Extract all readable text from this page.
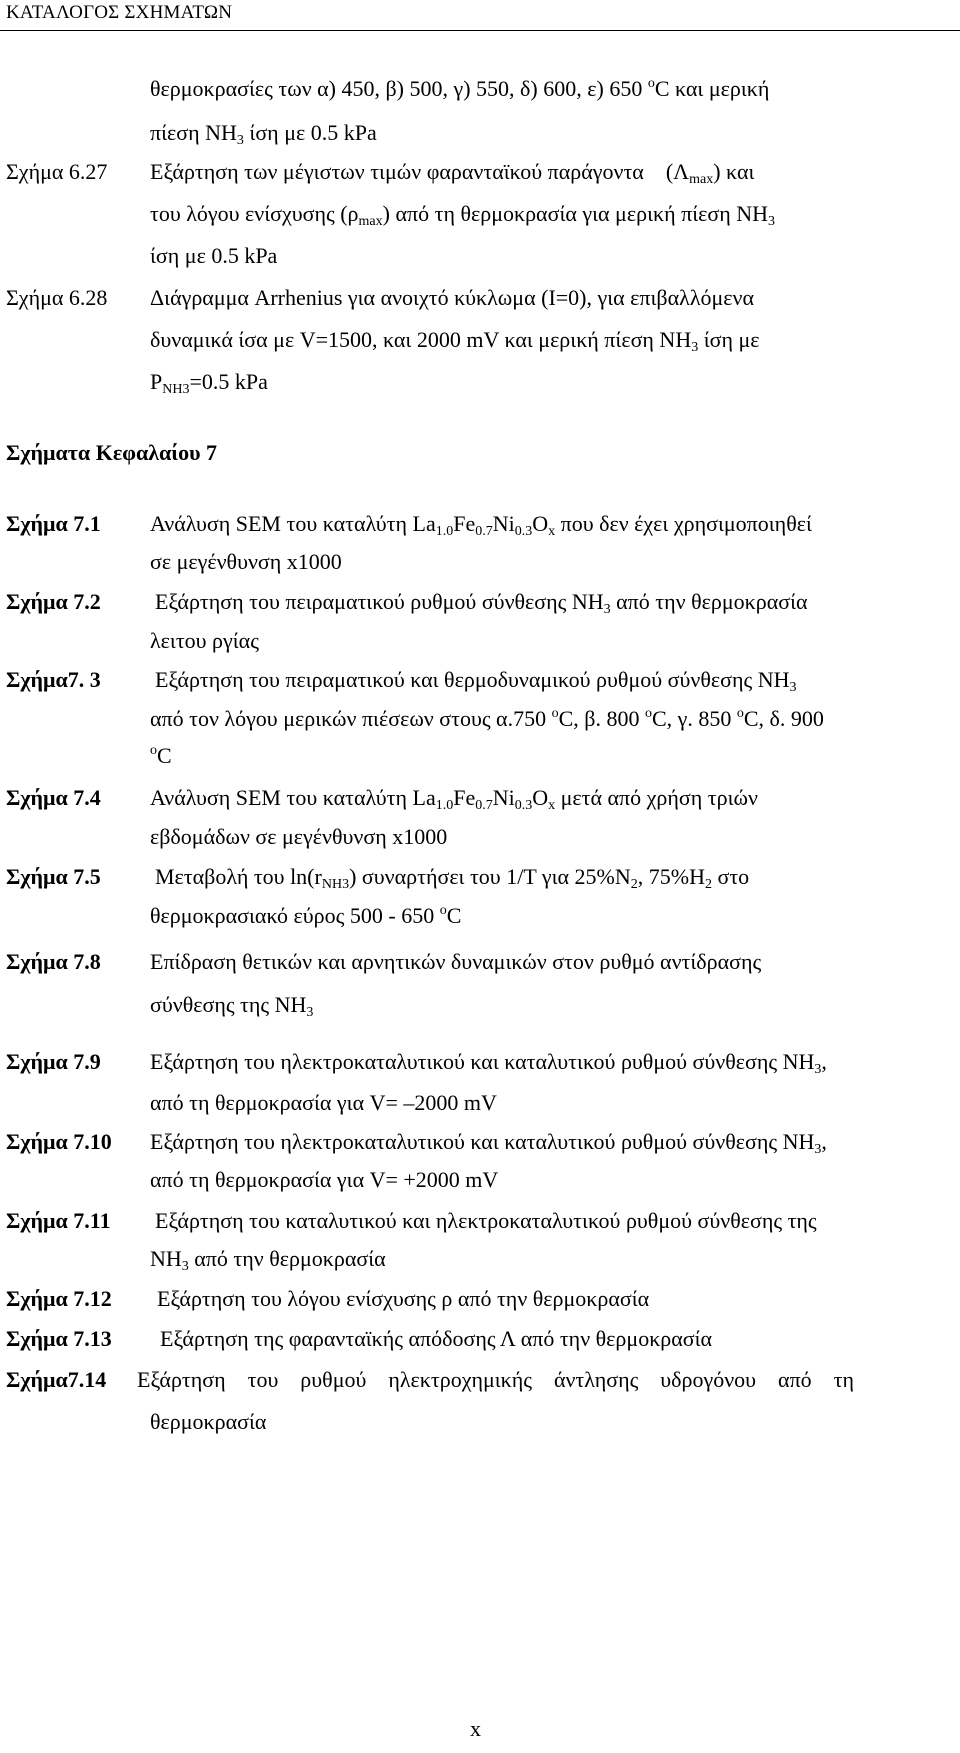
ΚΑΤΑΛΟΓΟΣ ΣΧΗΜΑΤΩΝ
θερμοκρασίες των α) 450, β) 500, γ) 550, δ) 600, ε) 650 $^o$C και μερική
πίεση $NH_3$ ίση με 0.5 kPa
Σχήμα 6.27 Εξάρτηση των μέγιστων τιμών φαρανταϊκού παράγοντα $(\Lambda_{max})$ και
του λόγου ενίσχυσης $(\rho_{max})$ από τη θερμοκρασία για μερική πίεση $NH_3$
ίση με 0.5 kPa
Σχήμα 6.28 Διάγραμμα Arrhenius για ανοιχτό κύκλωμα (I=0), για επιβαλλόμενα
δυναμικά ίσα με V=1500, και 2000 mV και μερική πίεση $NH_3$ ίση με
$P_{NH3}=0.5$ kPa
Σχήματα Κεφαλαίου 7
Σχήμα 7.1 Ανάλυση SEM του καταλύτη $La_{1.0}Fe_{0.7}Ni_{0.3}O_x$ που δεν έχει χρησιμοποιηθεί
σε μεγένθυνση x1000
Σχήμα 7.2 Εξάρτηση του πειραματικού ρυθμού σύνθεσης $NH_3$ από την θερμοκρασία
λειτου ργίας
Σχήμα7. 3 Εξάρτηση του πειραματικού και θερμοδυναμικού ρυθμού σύνθεσης $NH_3$
από τον λόγου μερικών πιέσεων στους α.750 $^o$C, β. 800 $^o$C, γ. 850 $^o$C, δ. 900
$^o$C
Σχήμα 7.4 Ανάλυση SEM του καταλύτη $La_{1.0}Fe_{0.7}Ni_{0.3}O_x$ μετά από χρήση τριών
εβδομάδων σε μεγένθυνση x1000
Σχήμα 7.5 Μεταβολή του $\ln(r_{NH3})$ συναρτήσει του 1/T για $25\%N_2$, $75\%H_2$ στο
θερμοκρασιακό εύρος 500 - 650 $^o$C
Σχήμα 7.8 Επίδραση θετικών και αρνητικών δυναμικών στον ρυθμό αντίδρασης
σύνθεσης της $NH_3$
Σχήμα 7.9 Εξάρτηση του ηλεκτροκαταλυτικού και καταλυτικού ρυθμού σύνθεσης $NH_3$,
από τη θερμοκρασία για V= –2000 mV
Σχήμα 7.10 Εξάρτηση του ηλεκτροκαταλυτικού και καταλυτικού ρυθμού σύνθεσης $NH_3$,
από τη θερμοκρασία για V= +2000 mV
Σχήμα 7.11 Εξάρτηση του καταλυτικού και ηλεκτροκαταλυτικού ρυθμού σύνθεσης της
$NH_3$ από την θερμοκρασία
Σχήμα 7.12 Εξάρτηση του λόγου ενίσχυσης ρ από την θερμοκρασία
Σχήμα 7.13 Εξάρτηση της φαρανταϊκής απόδοσης Λ από την θερμοκρασία
Σχήμα7.14 Εξάρτηση του ρυθμού ηλεκτροχημικής άντλησης υδρογόνου από τη
θερμοκρασία
x
